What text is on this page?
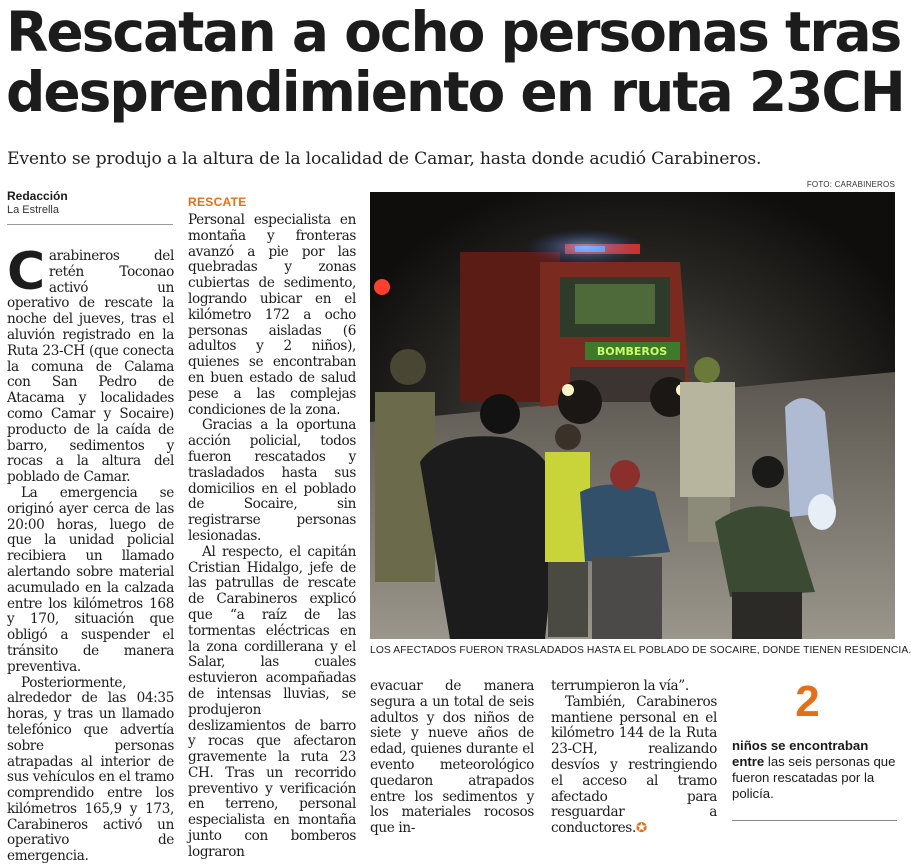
Rescatan a ocho personas tras
desprendimiento en ruta 23CH
Evento se produjo a la altura de la localidad de Camar, hasta donde acudió Carabineros.
Redacción
La Estrella

Carabineros del retén Toconao activó un operativo de rescate la noche del jueves, tras el aluvión registrado en la Ruta 23-CH (que conecta la comuna de Calama con San Pedro de Atacama y localidades como Camar y Socaire) producto de la caída de barro, sedimentos y rocas a la altura del poblado de Camar.

La emergencia se originó ayer cerca de las 20:00 horas, luego de que la unidad policial recibiera un llamado alertando sobre material acumulado en la calzada entre los kilómetros 168 y 170, situación que obligó a suspender el tránsito de manera preventiva.

Posteriormente, alrededor de las 04:35 horas, y tras un llamado telefónico que advertía sobre personas atrapadas al interior de sus vehículos en el tramo comprendido entre los kilómetros 165,9 y 173, Carabineros activó un operativo de emergencia.

RESCATE

Personal especialista en montaña y fronteras avanzó a pie por las quebradas y zonas cubiertas de sedimento, logrando ubicar en el kilómetro 172 a ocho personas aisladas (6 adultos y 2 niños), quienes se encontraban en buen estado de salud pese a las complejas condiciones de la zona.

Gracias a la oportuna acción policial, todos fueron rescatados y trasladados hasta sus domicilios en el poblado de Socaire, sin registrarse personas lesionadas.

Al respecto, el capitán Cristian Hidalgo, jefe de las patrullas de rescate de Carabineros explicó que “a raíz de las tormentas eléctricas en la zona cordillerana y el Salar, las cuales estuvieron acompañadas de intensas lluvias, se produjeron deslizamientos de barro y rocas que afectaron gravemente la ruta 23 CH. Tras un recorrido preventivo y verificación en terreno, personal especialista en montaña junto con bomberos lograron

FOTO: CARABINEROS
BOMBEROS
LOS AFECTADOS FUERON TRASLADADOS HASTA EL POBLADO DE SOCAIRE, DONDE TIENEN RESIDENCIA.

evacuar de manera segura a un total de seis adultos y dos niños de siete y nueve años de edad, quienes durante el evento meteorológico quedaron atrapados entre los sedimentos y los materiales rocosos que in-

terrumpieron la vía”.

También, Carabineros mantiene personal en el kilómetro 144 de la Ruta 23-CH, realizando desvíos y restringiendo el acceso al tramo afectado para resguardar a conductores.✪

2
niños se encontraban entre las seis personas que fueron rescatadas por la policía.
